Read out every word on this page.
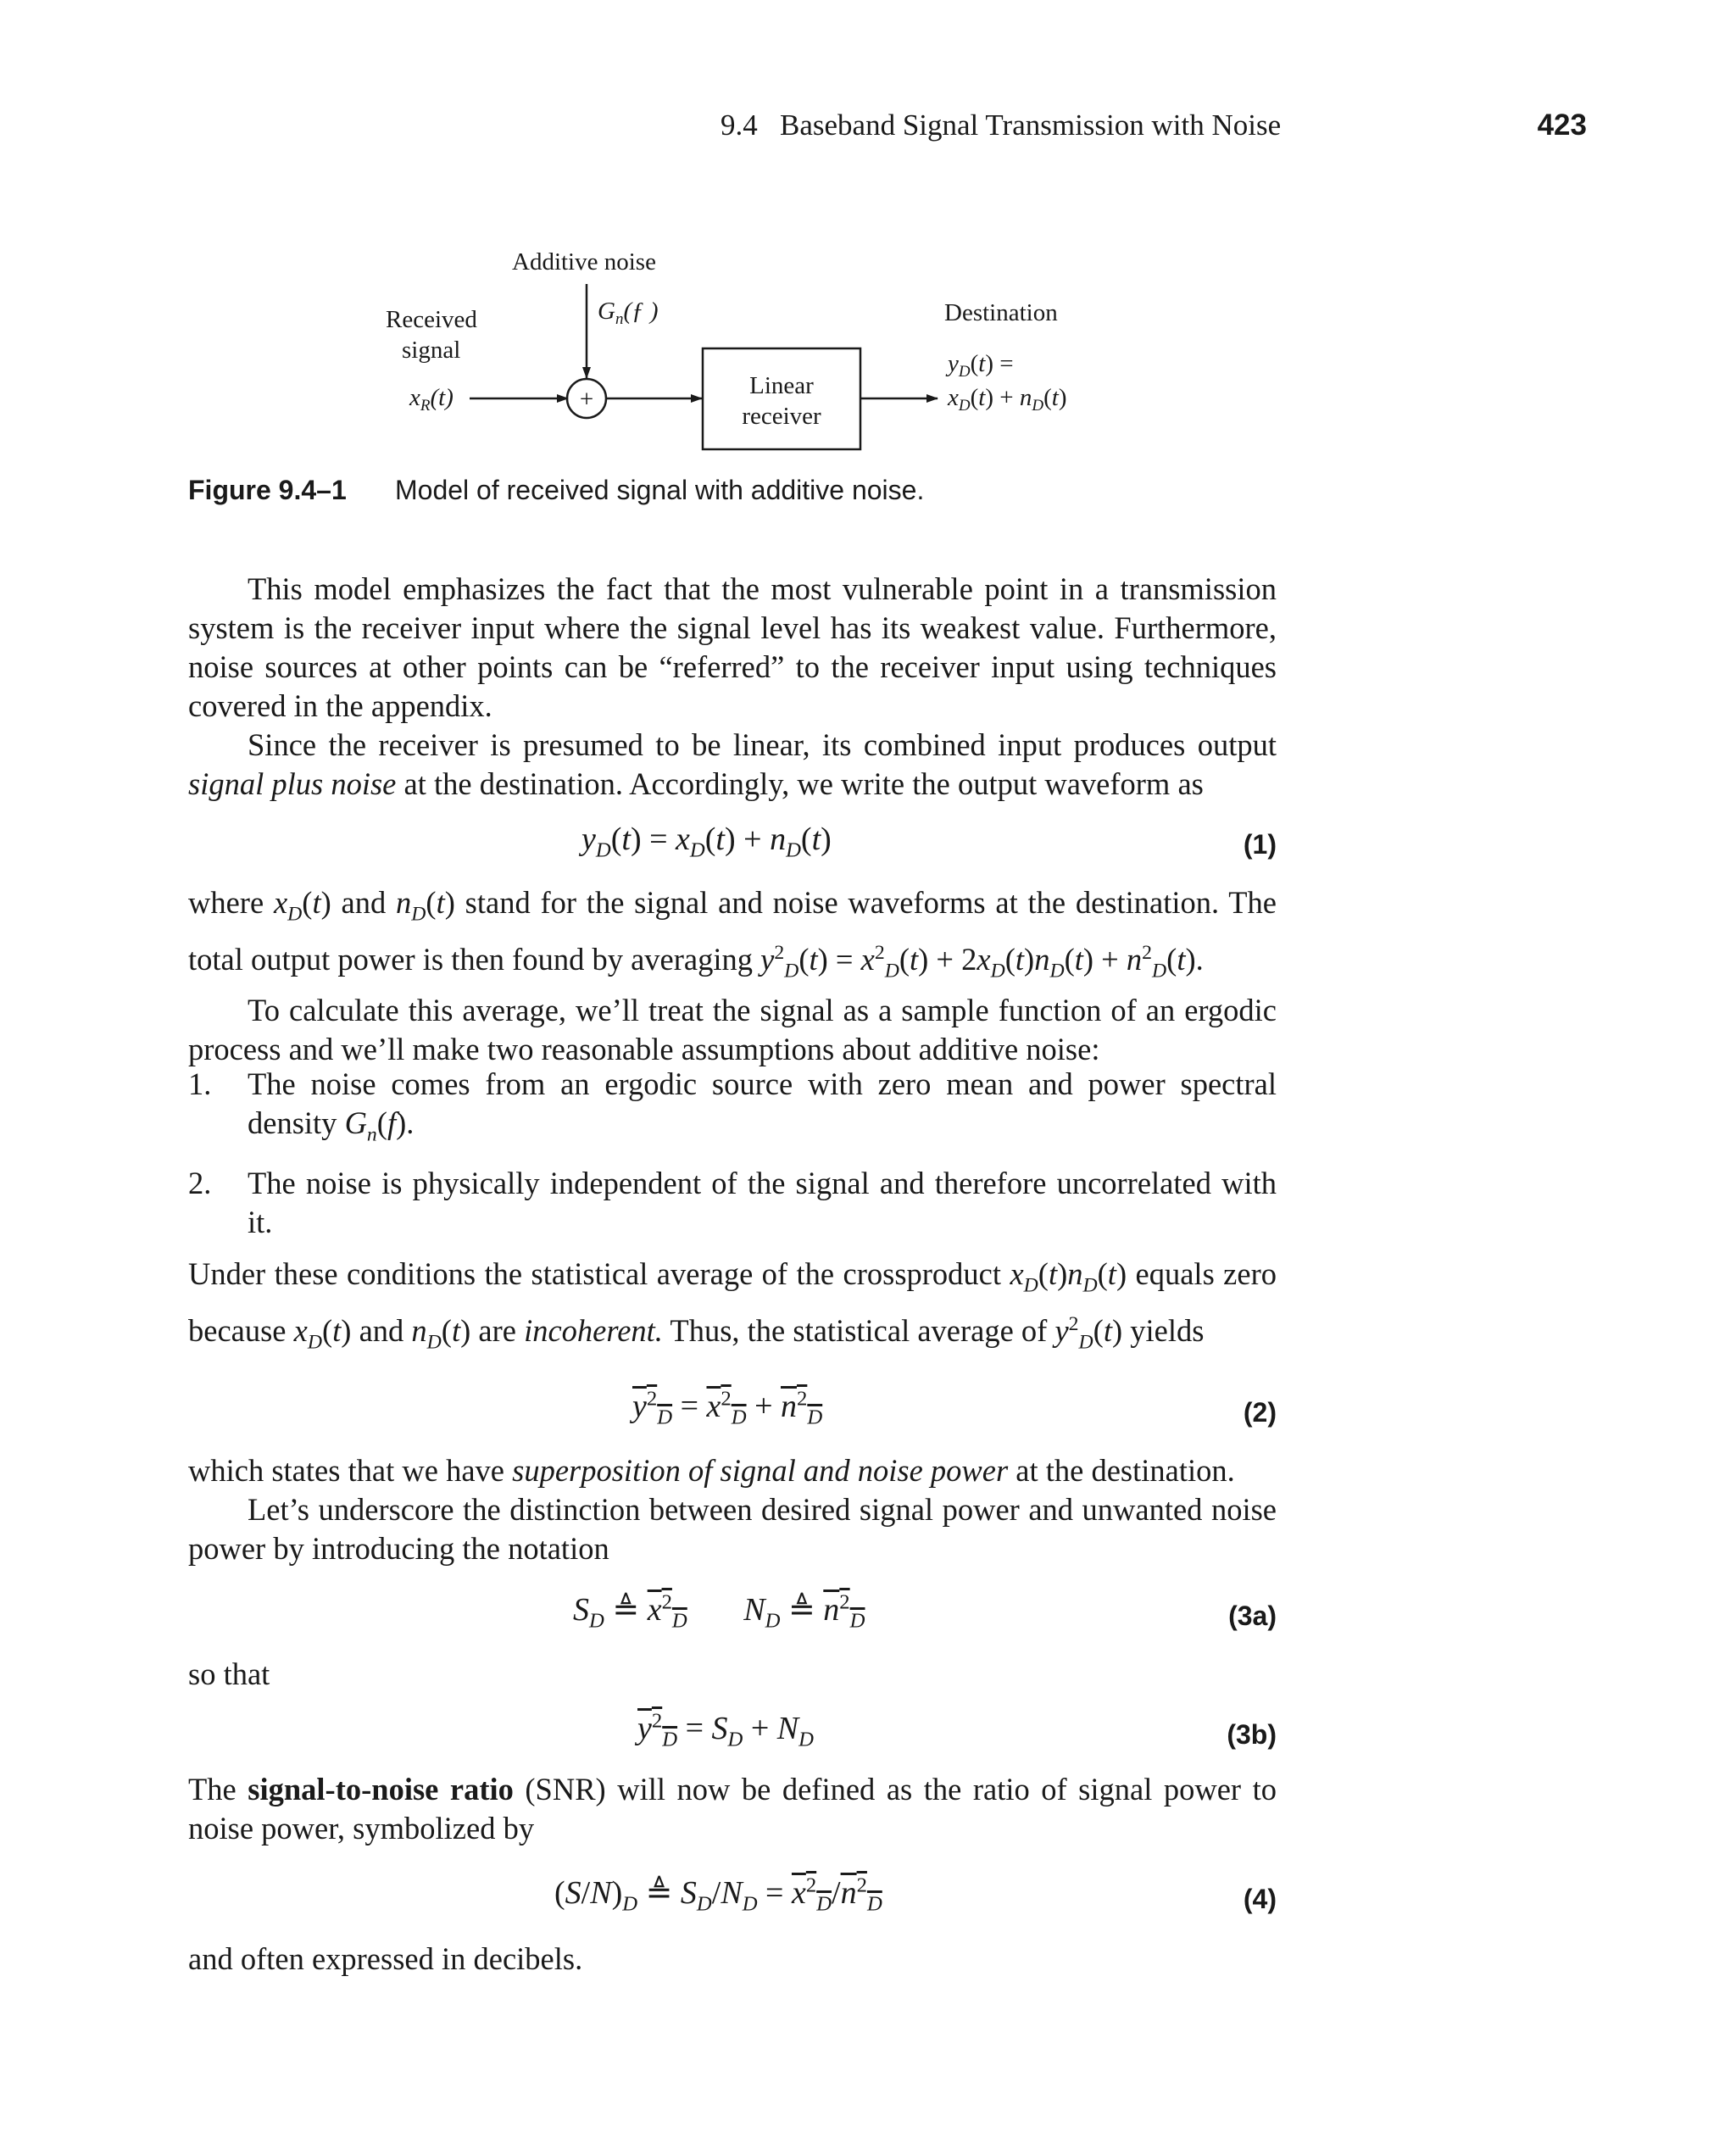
9.4 Baseband Signal Transmission with Noise	423
Additive noise
$G_n(ƒ$ )
Received
signal
$x_R(t)$	+	Linear
receiver
Destination
$y_D(t)$ =
$x_D(t) + n_D(t)$
Figure 9.4–1 Model of received signal with additive noise.

This model emphasizes the fact that the most vulnerable point in a transmission system is the receiver input where the signal level has its weakest value. Furthermore, noise sources at other points can be “referred” to the receiver input using techniques covered in the appendix.

Since the receiver is presumed to be linear, its combined input produces output signal plus noise at the destination. Accordingly, we write the output waveform as

$y_D(t) = x_D(t) + n_D(t)$	(1)

where $x_D(t)$ and $n_D(t)$ stand for the signal and noise waveforms at the destination. The total output power is then found by averaging $y^2_D(t) = x^2_D(t) + 2x_D(t)n_D(t) + n^2_D(t)$.

To calculate this average, we’ll treat the signal as a sample function of an ergodic process and we’ll make two reasonable assumptions about additive noise:

1.	The noise comes from an ergodic source with zero mean and power spectral density $G_n(f)$.
2.	The noise is physically independent of the signal and therefore uncorrelated with it.

Under these conditions the statistical average of the crossproduct $x_D(t)n_D(t)$ equals zero because $x_D(t)$ and $n_D(t)$ are incoherent. Thus, the statistical average of $y^2_D(t)$ yields

$y^2_D = x^2_D + n^2_D$	(2)

which states that we have superposition of signal and noise power at the destination.

Let’s underscore the distinction between desired signal power and unwanted noise power by introducing the notation

$S_D$ ≜ $x^2_D$ $N_D$ ≜ $n^2_D$	(3a)
so that
$y^2_D = S_D + N_D$	(3b)

The signal-to-noise ratio (SNR) will now be defined as the ratio of signal power to noise power, symbolized by

$(S/N)_D$ ≜ $S_D/N_D = x^2_D/n^2_D$	(4)
and often expressed in decibels.
